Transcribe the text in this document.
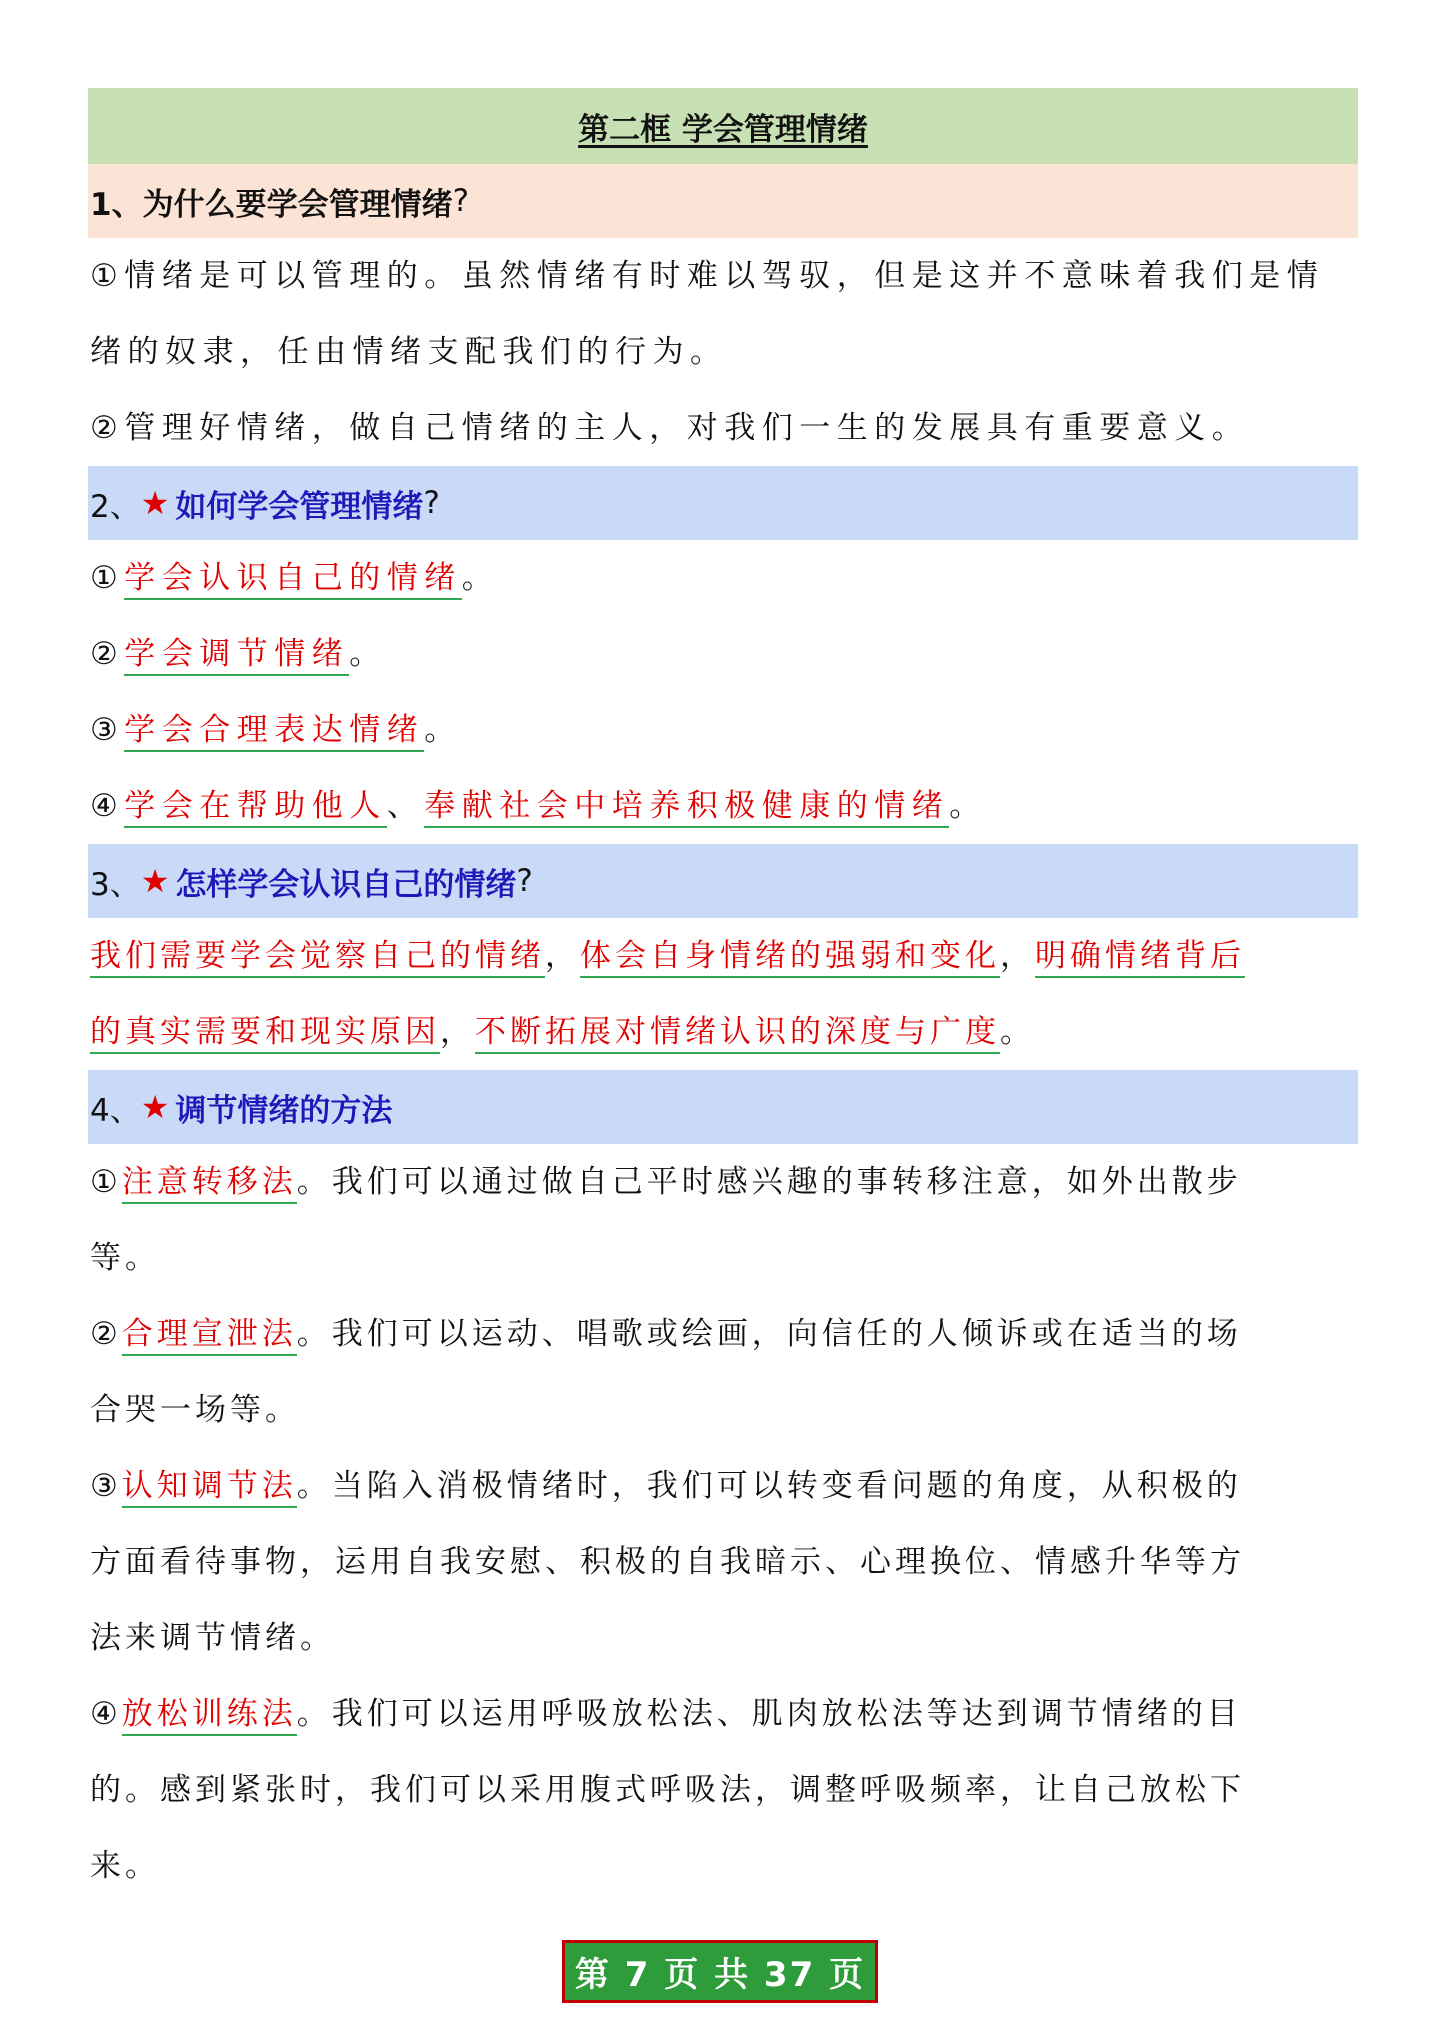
第二框 学会管理情绪
1、为什么要学会管理情绪 ?

①情绪是可以管理的。虽然情绪有时难以驾驭，但是这并不意味着我们是情

绪的奴隶，任由情绪支配我们的行为。

②管理好情绪，做自己情绪的主人，对我们一生的发展具有重要意义。

2、 ★ 如何学会管理情绪 ?

①学会认识自己的情绪。

②学会调节情绪。

③学会合理表达情绪。

④学会在帮助他人、奉献社会中培养积极健康的情绪。

3、 ★ 怎样学会认识自己的情绪 ?

我们需要学会觉察自己的情绪，体会自身情绪的强弱和变化，明确情绪背后

的真实需要和现实原因，不断拓展对情绪认识的深度与广度。

4、 ★ 调节情绪的方法

①注意转移法。我们可以通过做自己平时感兴趣的事转移注意，如外出散步

等。

②合理宣泄法。我们可以运动、唱歌或绘画，向信任的人倾诉或在适当的场

合哭一场等。

③认知调节法。当陷入消极情绪时，我们可以转变看问题的角度，从积极的

方面看待事物，运用自我安慰、积极的自我暗示、心理换位、情感升华等方

法来调节情绪。

④放松训练法。我们可以运用呼吸放松法、肌肉放松法等达到调节情绪的目

的。感到紧张时，我们可以采用腹式呼吸法，调整呼吸频率，让自己放松下

来。

第 7 页 共 37 页
